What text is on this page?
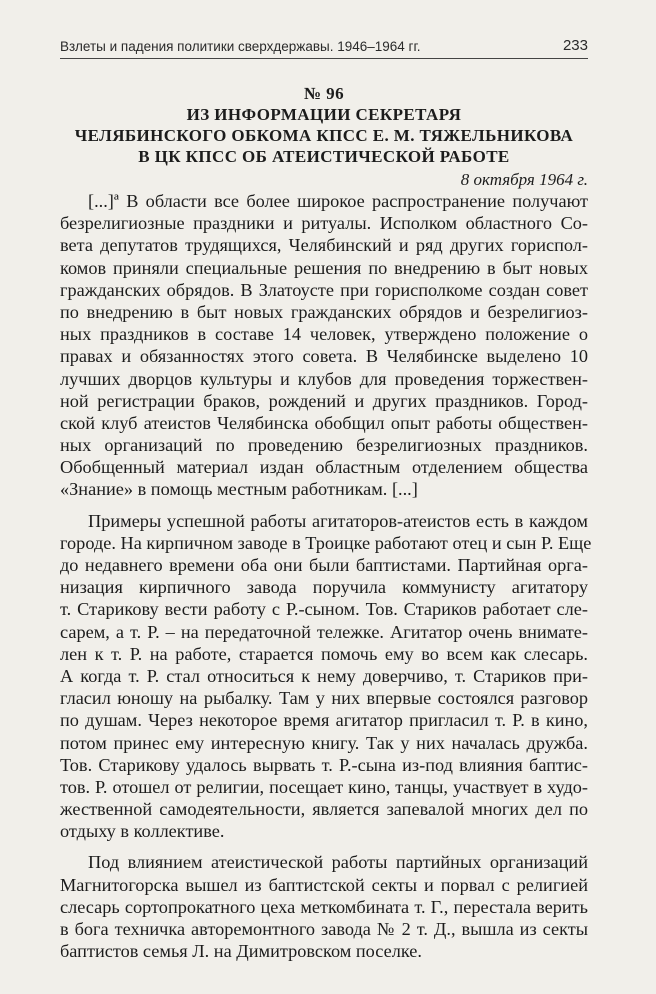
Взлеты и падения политики сверхдержавы. 1946–1964 гг.	233
№ 96
ИЗ ИНФОРМАЦИИ СЕКРЕТАРЯ
ЧЕЛЯБИНСКОГО ОБКОМА КПСС Е. М. ТЯЖЕЛЬНИКОВА
В ЦК КПСС ОБ АТЕИСТИЧЕСКОЙ РАБОТЕ
8 октября 1964 г.
[...]ª В области все более широкое распространение получают
безрелигиозные праздники и ритуалы. Исполком областного Со-
вета депутатов трудящихся, Челябинский и ряд других гориспол-
комов приняли специальные решения по внедрению в быт новых
гражданских обрядов. В Златоусте при горисполкоме создан совет
по внедрению в быт новых гражданских обрядов и безрелигиоз-
ных праздников в составе 14 человек, утверждено положение о
правах и обязанностях этого совета. В Челябинске выделено 10
лучших дворцов культуры и клубов для проведения торжествен-
ной регистрации браков, рождений и других праздников. Город-
ской клуб атеистов Челябинска обобщил опыт работы обществен-
ных организаций по проведению безрелигиозных праздников.
Обобщенный материал издан областным отделением общества
«Знание» в помощь местным работникам. [...]
Примеры успешной работы агитаторов-атеистов есть в каждом
городе. На кирпичном заводе в Троицке работают отец и сын Р. Еще
до недавнего времени оба они были баптистами. Партийная орга-
низация кирпичного завода поручила коммунисту агитатору
т. Старикову вести работу с Р.-сыном. Тов. Стариков работает сле-
сарем, а т. Р. – на передаточной тележке. Агитатор очень внимате-
лен к т. Р. на работе, старается помочь ему во всем как слесарь.
А когда т. Р. стал относиться к нему доверчиво, т. Стариков при-
гласил юношу на рыбалку. Там у них впервые состоялся разговор
по душам. Через некоторое время агитатор пригласил т. Р. в кино,
потом принес ему интересную книгу. Так у них началась дружба.
Тов. Старикову удалось вырвать т. Р.-сына из-под влияния баптис-
тов. Р. отошел от религии, посещает кино, танцы, участвует в худо-
жественной самодеятельности, является запевалой многих дел по
отдыху в коллективе.
Под влиянием атеистической работы партийных организаций
Магнитогорска вышел из баптистской секты и порвал с религией
слесарь сортопрокатного цеха меткомбината т. Г., перестала верить
в бога техничка авторемонтного завода № 2 т. Д., вышла из секты
баптистов семья Л. на Димитровском поселке.
